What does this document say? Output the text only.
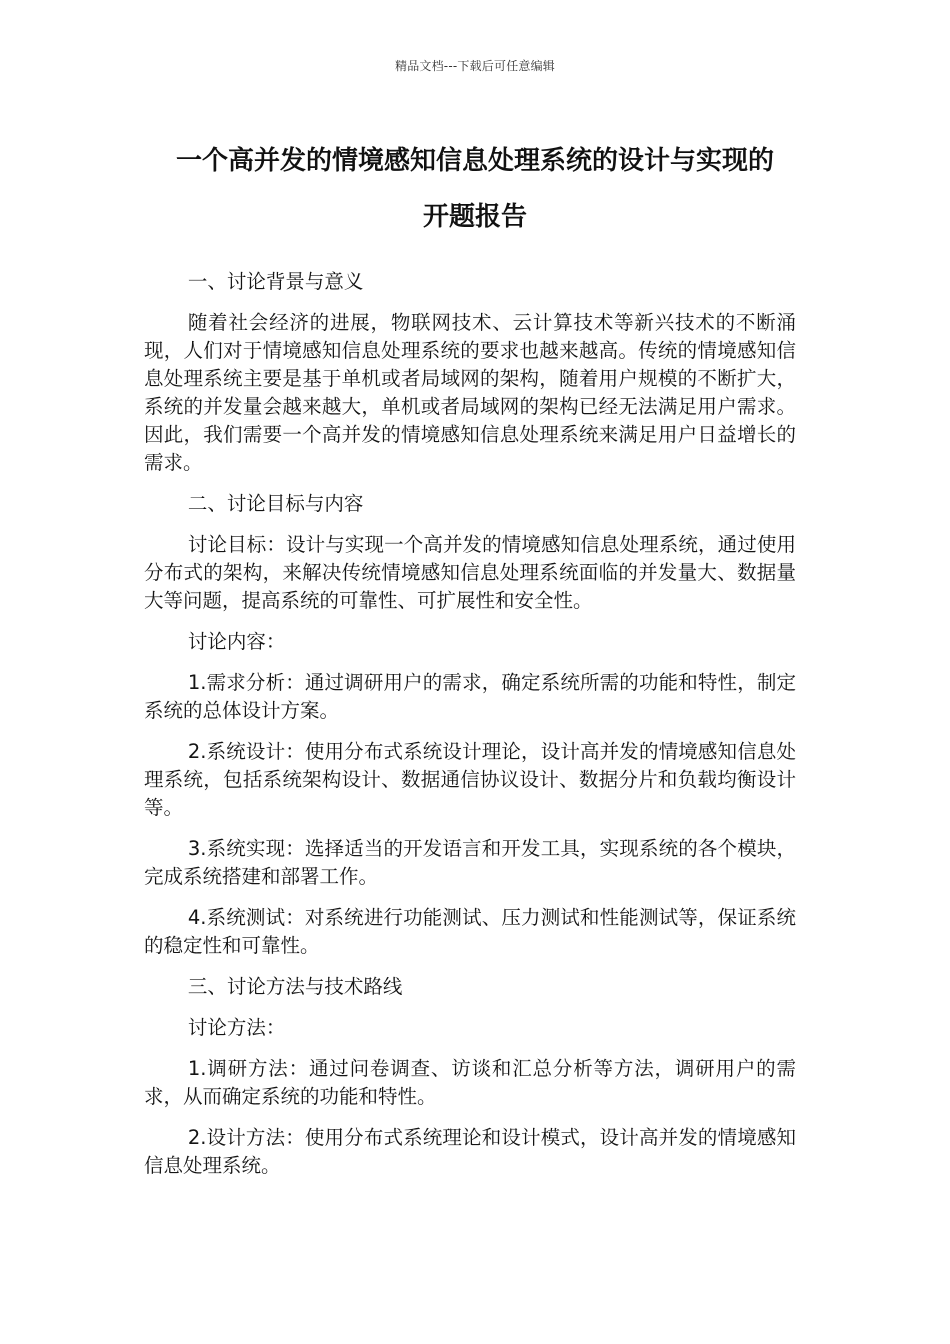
精品文档---下载后可任意编辑
一个高并发的情境感知信息处理系统的设计与实现的
开题报告

一、讨论背景与意义

随着社会经济的进展，物联网技术、云计算技术等新兴技术的不断涌现，人们对于情境感知信息处理系统的要求也越来越高。传统的情境感知信息处理系统主要是基于单机或者局域网的架构，随着用户规模的不断扩大，系统的并发量会越来越大，单机或者局域网的架构已经无法满足用户需求。因此，我们需要一个高并发的情境感知信息处理系统来满足用户日益增长的需求。

二、讨论目标与内容

讨论目标：设计与实现一个高并发的情境感知信息处理系统，通过使用分布式的架构，来解决传统情境感知信息处理系统面临的并发量大、数据量大等问题，提高系统的可靠性、可扩展性和安全性。

讨论内容：

1.需求分析：通过调研用户的需求，确定系统所需的功能和特性，制定系统的总体设计方案。

2.系统设计：使用分布式系统设计理论，设计高并发的情境感知信息处理系统，包括系统架构设计、数据通信协议设计、数据分片和负载均衡设计等。

3.系统实现：选择适当的开发语言和开发工具，实现系统的各个模块，完成系统搭建和部署工作。

4.系统测试：对系统进行功能测试、压力测试和性能测试等，保证系统的稳定性和可靠性。

三、讨论方法与技术路线

讨论方法：

1.调研方法：通过问卷调查、访谈和汇总分析等方法，调研用户的需求，从而确定系统的功能和特性。

2.设计方法：使用分布式系统理论和设计模式，设计高并发的情境感知信息处理系统。
